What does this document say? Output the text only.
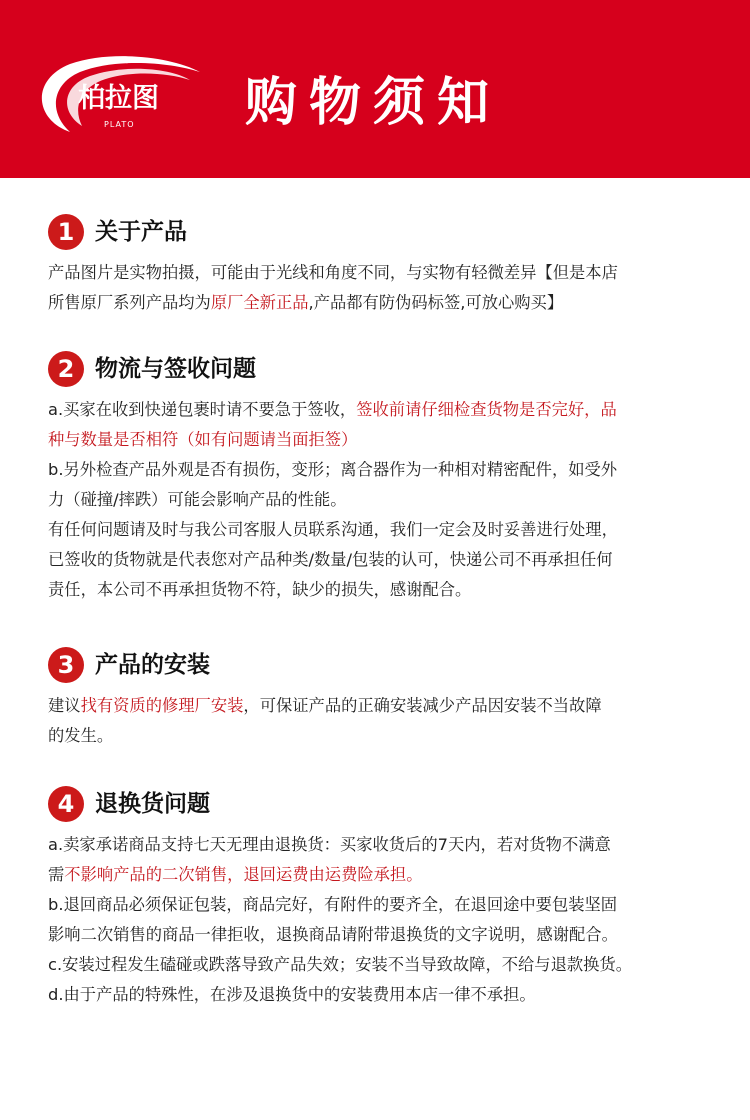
柏拉图
PLATO 购物须知
1 关于产品

产品图片是实物拍摄，可能由于光线和角度不同，与实物有轻微差异【但是本店

所售原厂系列产品均为原厂全新正品,产品都有防伪码标签,可放心购买】

2 物流与签收问题

a.买家在收到快递包裹时请不要急于签收，签收前请仔细检查货物是否完好，品

种与数量是否相符（如有问题请当面拒签）

b.另外检查产品外观是否有损伤，变形；离合器作为一种相对精密配件，如受外

力（碰撞/摔跌）可能会影响产品的性能。

有任何问题请及时与我公司客服人员联系沟通，我们一定会及时妥善进行处理，

已签收的货物就是代表您对产品种类/数量/包装的认可，快递公司不再承担任何

责任，本公司不再承担货物不符，缺少的损失，感谢配合。

3 产品的安装

建议找有资质的修理厂安装，可保证产品的正确安装减少产品因安装不当故障

的发生。

4 退换货问题

a.卖家承诺商品支持七天无理由退换货：买家收货后的7天内，若对货物不满意

需不影响产品的二次销售，退回运费由运费险承担。

b.退回商品必须保证包装，商品完好，有附件的要齐全，在退回途中要包装坚固

影响二次销售的商品一律拒收，退换商品请附带退换货的文字说明，感谢配合。

c.安装过程发生磕碰或跌落导致产品失效；安装不当导致故障，不给与退款换货。

d.由于产品的特殊性，在涉及退换货中的安装费用本店一律不承担。
